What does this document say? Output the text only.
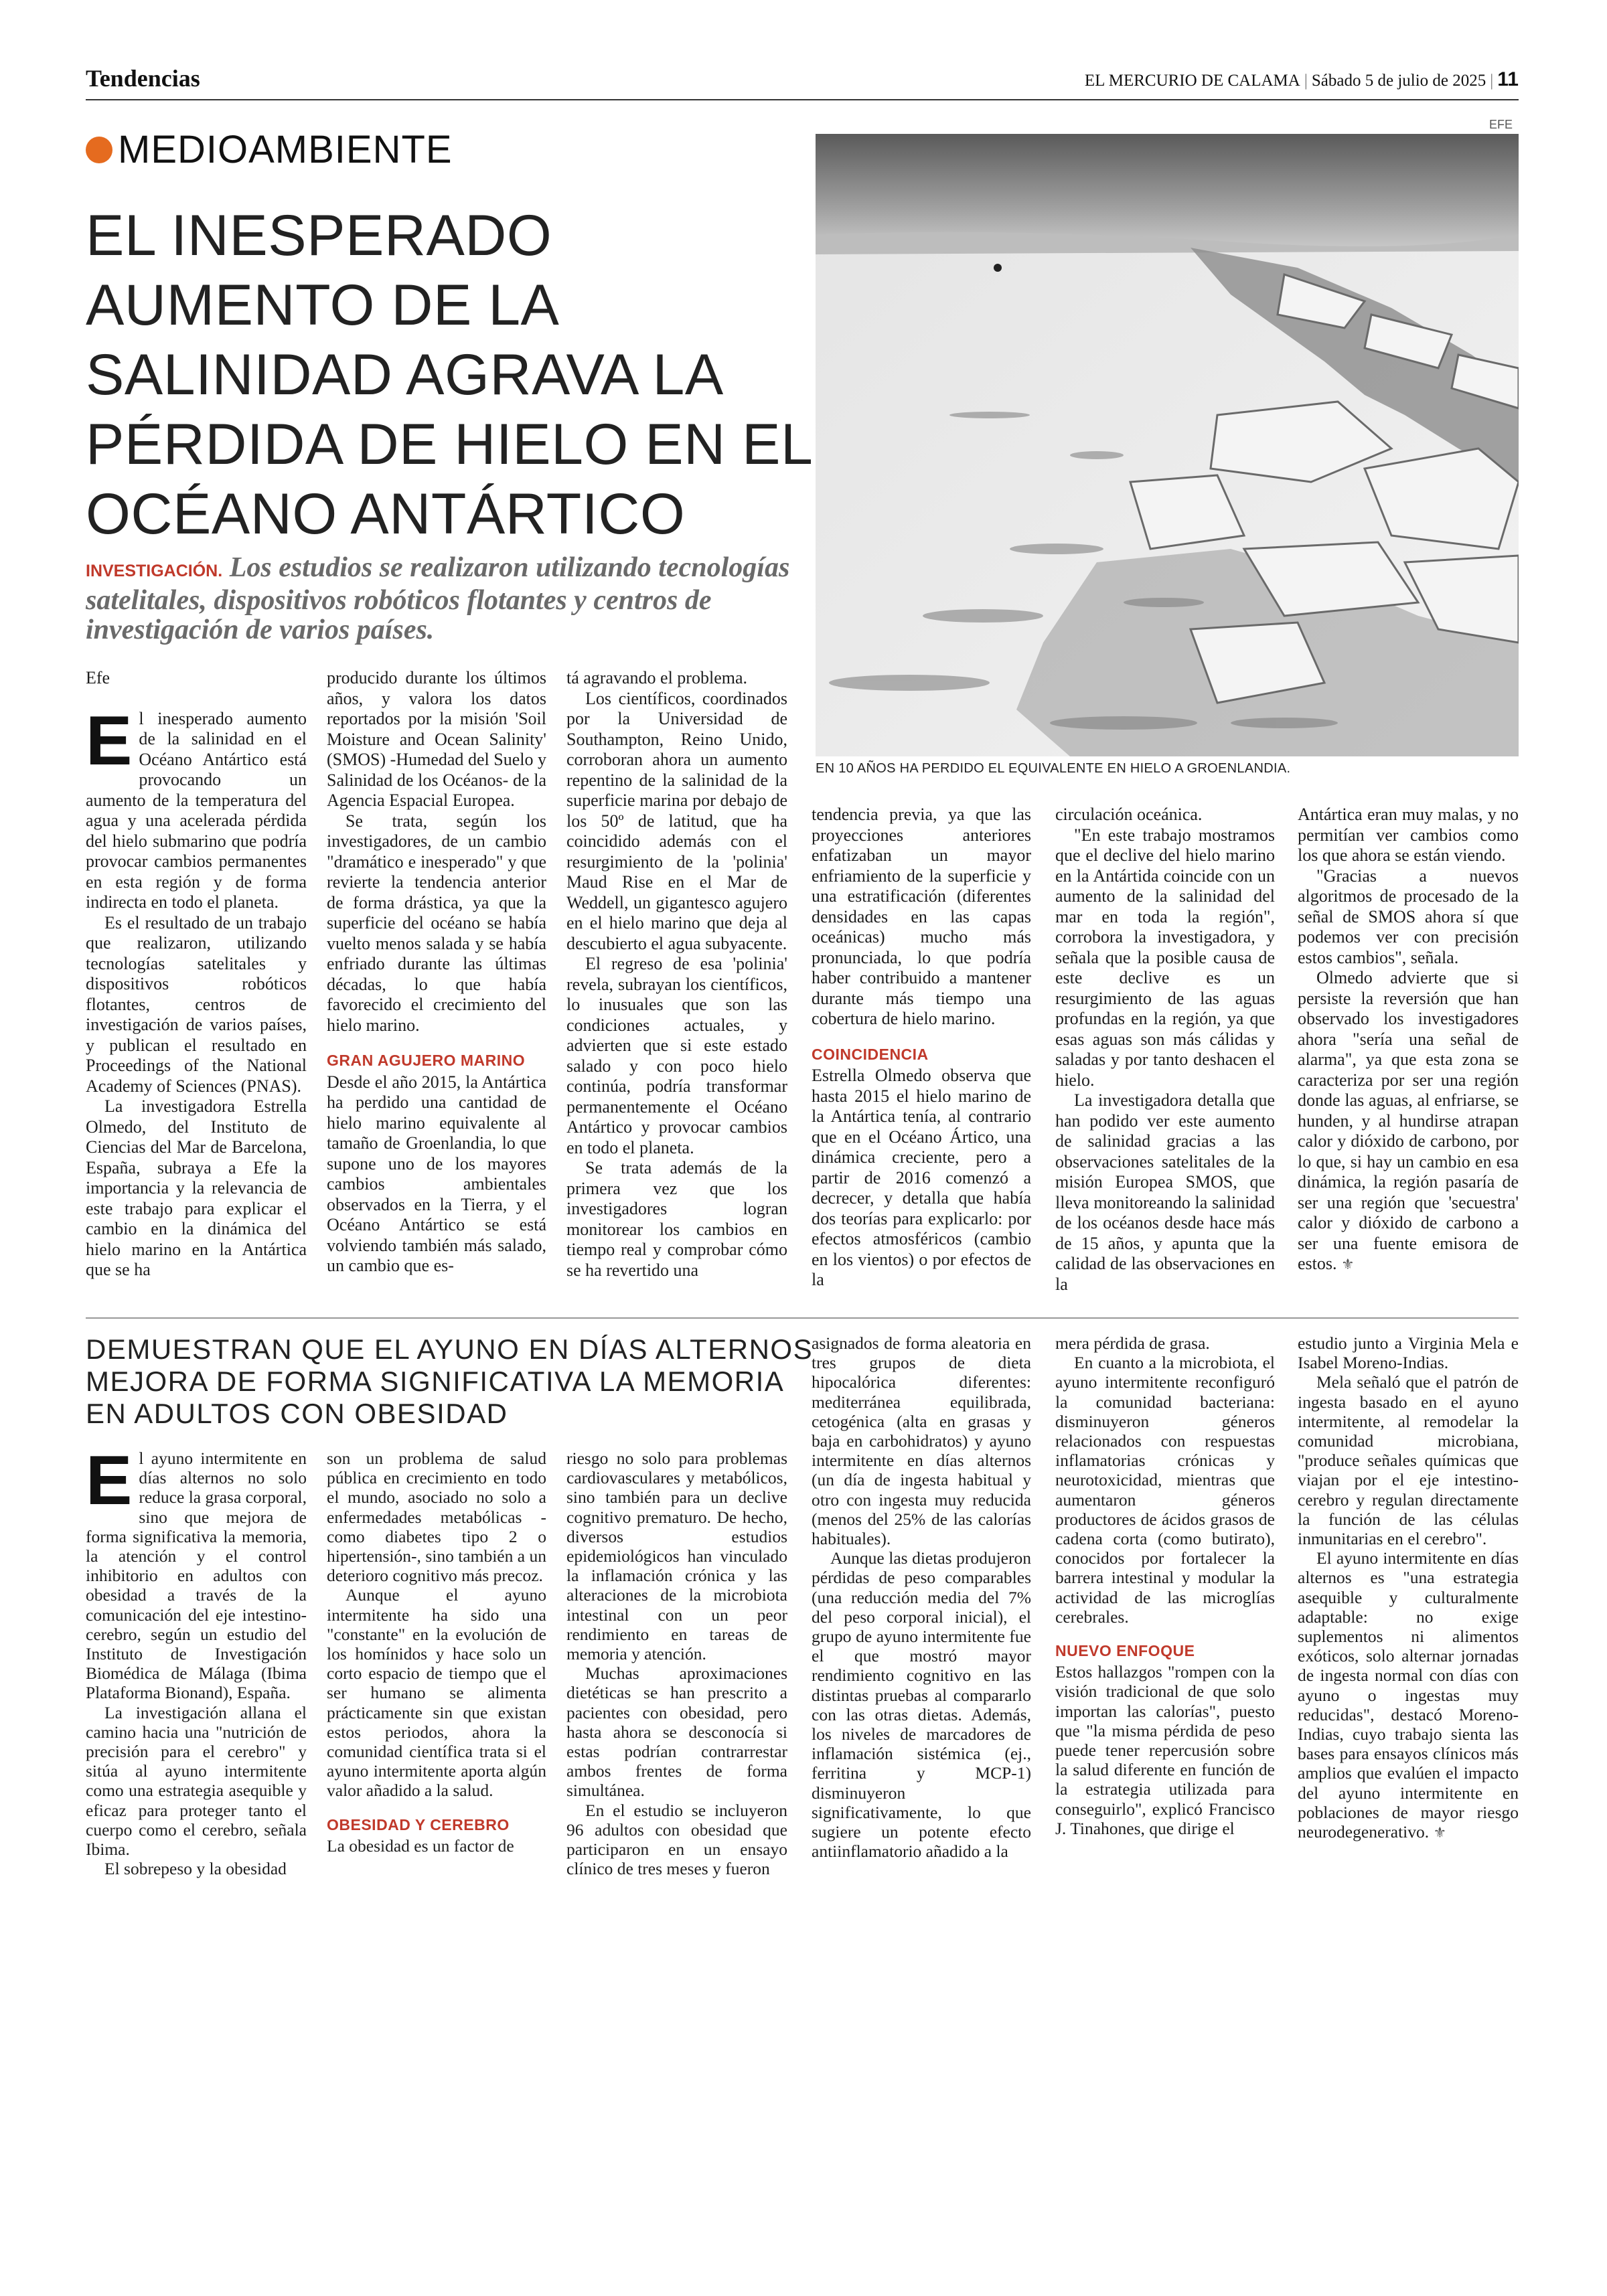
Tendencias	EL MERCURIO DE CALAMA | Sábado 5 de julio de 2025 | 11
MEDIOAMBIENTE
EL INESPERADO
AUMENTO DE LA
SALINIDAD AGRAVA LA
PÉRDIDA DE HIELO EN EL
OCÉANO ANTÁRTICO
INVESTIGACIÓN. Los estudios se realizaron utilizando tecnologías satelitales, dispositivos robóticos flotantes y centros de investigación de varios países.
EFE
EN 10 AÑOS HA PERDIDO EL EQUIVALENTE EN HIELO A GROENLANDIA.
Efe

El inesperado aumento de la salinidad en el Océano Antártico está provocando un aumento de la temperatura del agua y una acelerada pérdida del hielo submarino que podría provocar cambios permanentes en esta región y de forma indirecta en todo el planeta.

Es el resultado de un trabajo que realizaron, utilizando tecnologías satelitales y dispositivos robóticos flotantes, centros de investigación de varios países, y publican el resultado en Proceedings of the National Academy of Sciences (PNAS).

La investigadora Estrella Olmedo, del Instituto de Ciencias del Mar de Barcelona, España, subraya a Efe la importancia y la relevancia de este trabajo para explicar el cambio en la dinámica del hielo marino en la Antártica que se ha

producido durante los últimos años, y valora los datos reportados por la misión 'Soil Moisture and Ocean Salinity' (SMOS) -Humedad del Suelo y Salinidad de los Océanos- de la Agencia Espacial Europea.

Se trata, según los investigadores, de un cambio "dramático e inesperado" y que revierte la tendencia anterior de forma drástica, ya que la superficie del océano se había vuelto menos salada y se había enfriado durante las últimas décadas, lo que había favorecido el crecimiento del hielo marino.

GRAN AGUJERO MARINO

Desde el año 2015, la Antártica ha perdido una cantidad de hielo marino equivalente al tamaño de Groenlandia, lo que supone uno de los mayores cambios ambientales observados en la Tierra, y el Océano Antártico se está volviendo también más salado, un cambio que es-

tá agravando el problema.

Los científicos, coordinados por la Universidad de Southampton, Reino Unido, corroboran ahora un aumento repentino de la salinidad de la superficie marina por debajo de los 50º de latitud, que ha coincidido además con el resurgimiento de la 'polinia' Maud Rise en el Mar de Weddell, un gigantesco agujero en el hielo marino que deja al descubierto el agua subyacente.

El regreso de esa 'polinia' revela, subrayan los científicos, lo inusuales que son las condiciones actuales, y advierten que si este estado salado y con poco hielo continúa, podría transformar permanentemente el Océano Antártico y provocar cambios en todo el planeta.

Se trata además de la primera vez que los investigadores logran monitorear los cambios en tiempo real y comprobar cómo se ha revertido una

tendencia previa, ya que las proyecciones anteriores enfatizaban un mayor enfriamiento de la superficie y una estratificación (diferentes densidades en las capas oceánicas) mucho más pronunciada, lo que podría haber contribuido a mantener durante más tiempo una cobertura de hielo marino.

COINCIDENCIA

Estrella Olmedo observa que hasta 2015 el hielo marino de la Antártica tenía, al contrario que en el Océano Ártico, una dinámica creciente, pero a partir de 2016 comenzó a decrecer, y detalla que había dos teorías para explicarlo: por efectos atmosféricos (cambio en los vientos) o por efectos de la

circulación oceánica.

"En este trabajo mostramos que el declive del hielo marino en la Antártida coincide con un aumento de la salinidad del mar en toda la región", corrobora la investigadora, y señala que la posible causa de este declive es un resurgimiento de las aguas profundas en la región, ya que esas aguas son más cálidas y saladas y por tanto deshacen el hielo.

La investigadora detalla que han podido ver este aumento de salinidad gracias a las observaciones satelitales de la misión Europea SMOS, que lleva monitoreando la salinidad de los océanos desde hace más de 15 años, y apunta que la calidad de las observaciones en la

Antártica eran muy malas, y no permitían ver cambios como los que ahora se están viendo.

"Gracias a nuevos algoritmos de procesado de la señal de SMOS ahora sí que podemos ver con precisión estos cambios", señala.

Olmedo advierte que si persiste la reversión que han observado los investigadores ahora "sería una señal de alarma", ya que esta zona se caracteriza por ser una región donde las aguas, al enfriarse, se hunden, y al hundirse atrapan calor y dióxido de carbono, por lo que, si hay un cambio en esa dinámica, la región pasaría de ser una región que 'secuestra' calor y dióxido de carbono a ser una fuente emisora de estos. ⚜

DEMUESTRAN QUE EL AYUNO EN DÍAS ALTERNOS
MEJORA DE FORMA SIGNIFICATIVA LA MEMORIA
EN ADULTOS CON OBESIDAD

El ayuno intermitente en días alternos no solo reduce la grasa corporal, sino que mejora de forma significativa la memoria, la atención y el control inhibitorio en adultos con obesidad a través de la comunicación del eje intestino-cerebro, según un estudio del Instituto de Investigación Biomédica de Málaga (Ibima Plataforma Bionand), España.

La investigación allana el camino hacia una "nutrición de precisión para el cerebro" y sitúa al ayuno intermitente como una estrategia asequible y eficaz para proteger tanto el cuerpo como el cerebro, señala Ibima.

El sobrepeso y la obesidad

son un problema de salud pública en crecimiento en todo el mundo, asociado no solo a enfermedades metabólicas -como diabetes tipo 2 o hipertensión-, sino también a un deterioro cognitivo más precoz.

Aunque el ayuno intermitente ha sido una "constante" en la evolución de los homínidos y hace solo un corto espacio de tiempo que el ser humano se alimenta prácticamente sin que existan estos periodos, ahora la comunidad científica trata si el ayuno intermitente aporta algún valor añadido a la salud.

OBESIDAD Y CEREBRO

La obesidad es un factor de

riesgo no solo para problemas cardiovasculares y metabólicos, sino también para un declive cognitivo prematuro. De hecho, diversos estudios epidemiológicos han vinculado la inflamación crónica y las alteraciones de la microbiota intestinal con un peor rendimiento en tareas de memoria y atención.

Muchas aproximaciones dietéticas se han prescrito a pacientes con obesidad, pero hasta ahora se desconocía si estas podrían contrarrestar ambos frentes de forma simultánea.

En el estudio se incluyeron 96 adultos con obesidad que participaron en un ensayo clínico de tres meses y fueron

asignados de forma aleatoria en tres grupos de dieta hipocalórica diferentes: mediterránea equilibrada, cetogénica (alta en grasas y baja en carbohidratos) y ayuno intermitente en días alternos (un día de ingesta habitual y otro con ingesta muy reducida (menos del 25% de las calorías habituales).

Aunque las dietas produjeron pérdidas de peso comparables (una reducción media del 7% del peso corporal inicial), el grupo de ayuno intermitente fue el que mostró mayor rendimiento cognitivo en las distintas pruebas al compararlo con las otras dietas. Además, los niveles de marcadores de inflamación sistémica (ej., ferritina y MCP-1) disminuyeron significativamente, lo que sugiere un potente efecto antiinflamatorio añadido a la

mera pérdida de grasa.

En cuanto a la microbiota, el ayuno intermitente reconfiguró la comunidad bacteriana: disminuyeron géneros relacionados con respuestas inflamatorias crónicas y neurotoxicidad, mientras que aumentaron géneros productores de ácidos grasos de cadena corta (como butirato), conocidos por fortalecer la barrera intestinal y modular la actividad de las microglías cerebrales.

NUEVO ENFOQUE

Estos hallazgos "rompen con la visión tradicional de que solo importan las calorías", puesto que "la misma pérdida de peso puede tener repercusión sobre la salud diferente en función de la estrategia utilizada para conseguirlo", explicó Francisco J. Tinahones, que dirige el

estudio junto a Virginia Mela e Isabel Moreno-Indias.

Mela señaló que el patrón de ingesta basado en el ayuno intermitente, al remodelar la comunidad microbiana, "produce señales químicas que viajan por el eje intestino-cerebro y regulan directamente la función de las células inmunitarias en el cerebro".

El ayuno intermitente en días alternos es "una estrategia asequible y culturalmente adaptable: no exige suplementos ni alimentos exóticos, solo alternar jornadas de ingesta normal con días con ayuno o ingestas muy reducidas", destacó Moreno-Indias, cuyo trabajo sienta las bases para ensayos clínicos más amplios que evalúen el impacto del ayuno intermitente en poblaciones de mayor riesgo neurodegenerativo. ⚜
